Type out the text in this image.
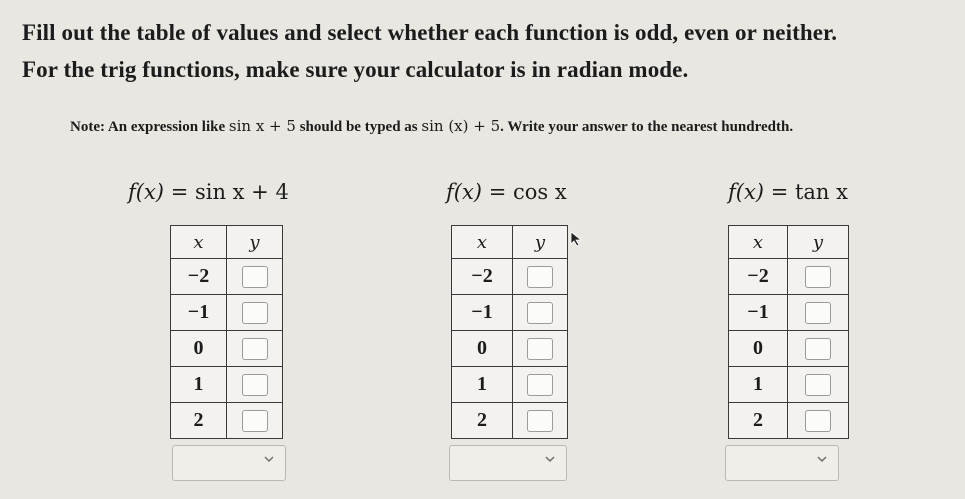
Fill out the table of values and select whether each function is odd, even or neither.
For the trig functions, make sure your calculator is in radian mode.
Note: An expression like sin x + 5 should be typed as sin (x) + 5. Write your answer to the nearest hundredth.
f(x) = sin x + 4	f(x) = cos x	f(x) = tan x
x	y
−2	
−1	
0	
1	
2	
x	y
−2	
−1	
0	
1	
2	
x	y
−2	
−1	
0	
1	
2	
